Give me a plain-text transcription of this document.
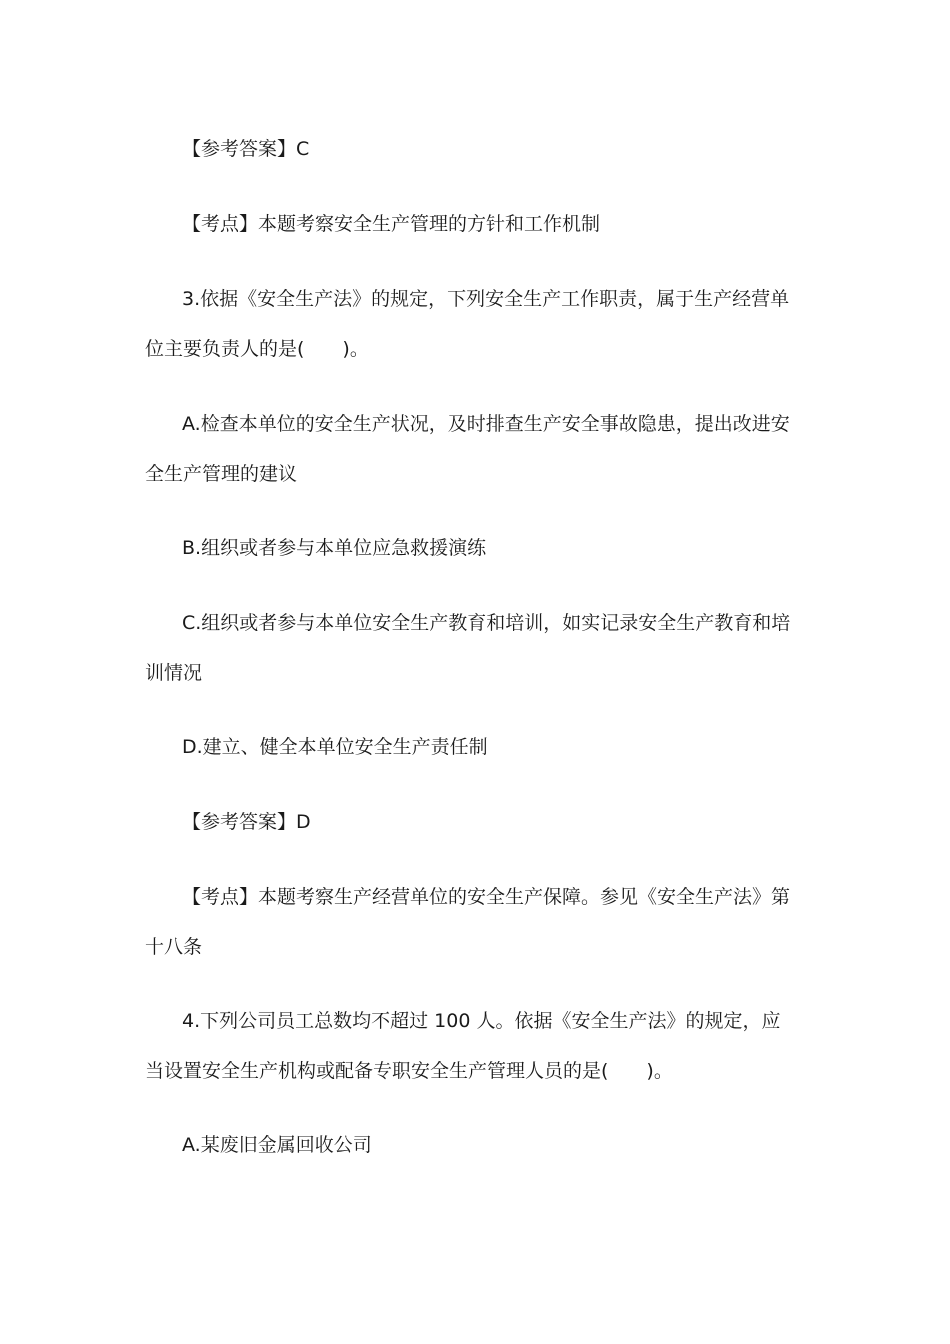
【参考答案】C

【考点】本题考察安全生产管理的方针和工作机制

3.依据《安全生产法》的规定，下列安全生产工作职责，属于生产经营单位主要负责人的是(　　)。

A.检查本单位的安全生产状况，及时排查生产安全事故隐患，提出改进安全生产管理的建议

B.组织或者参与本单位应急救援演练

C.组织或者参与本单位安全生产教育和培训，如实记录安全生产教育和培训情况

D.建立、健全本单位安全生产责任制

【参考答案】D

【考点】本题考察生产经营单位的安全生产保障。参见《安全生产法》第十八条

4.下列公司员工总数均不超过 100 人。依据《安全生产法》的规定，应当设置安全生产机构或配备专职安全生产管理人员的是(　　)。

A.某废旧金属回收公司
